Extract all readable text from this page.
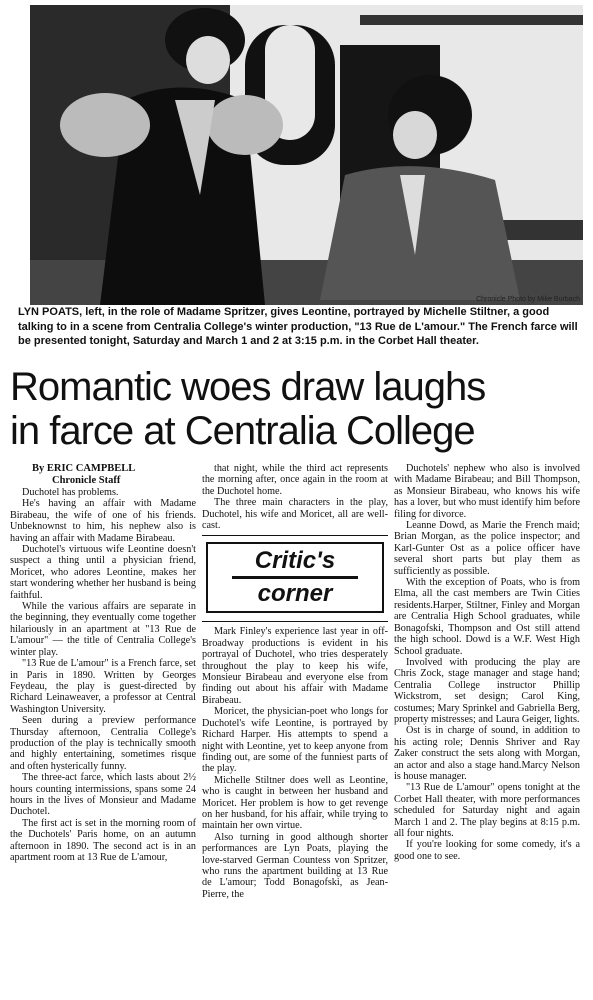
Chronicle Photo by Mike Burbach
LYN POATS, left, in the role of Madame Spritzer, gives Leontine, portrayed by Michelle Stiltner, a good talking to in a scene from Centralia College's winter production, "13 Rue de L'amour." The French farce will be presented tonight, Saturday and March 1 and 2 at 3:15 p.m. in the Corbet Hall theater.
Romantic woes draw laughs
in farce at Centralia College
By ERIC CAMPBELL
Chronicle Staff

Duchotel has problems.

He's having an affair with Madame Birabeau, the wife of one of his friends. Unbeknownst to him, his nephew also is having an affair with Madame Birabeau.

Duchotel's virtuous wife Leontine doesn't suspect a thing until a physician friend, Moricet, who adores Leontine, makes her start wondering whether her husband is being faithful.

While the various affairs are separate in the beginning, they eventually come together hilariously in an apartment at "13 Rue de L'amour" — the title of Centralia College's winter play.

"13 Rue de L'amour" is a French farce, set in Paris in 1890. Written by Georges Feydeau, the play is guest-directed by Richard Leinaweaver, a professor at Central Washington University.

Seen during a preview performance Thursday afternoon, Centralia College's production of the play is technically smooth and highly entertaining, sometimes risque and often hysterically funny.

The three-act farce, which lasts about 2½ hours counting intermissions, spans some 24 hours in the lives of Monsieur and Madame Duchotel.

The first act is set in the morning room of the Duchotels' Paris home, on an autumn afternoon in 1890. The second act is in an apartment room at 13 Rue de L'amour,

that night, while the third act represents the morning after, once again in the room at the Duchotel home.

The three main characters in the play, Duchotel, his wife and Moricet, all are well-cast.

Critic's
corner

Mark Finley's experience last year in off-Broadway productions is evident in his portrayal of Duchotel, who tries desperately throughout the play to keep his wife, Monsieur Birabeau and everyone else from finding out about his affair with Madame Birabeau.

Moricet, the physician-poet who longs for Duchotel's wife Leontine, is portrayed by Richard Harper. His attempts to spend a night with Leontine, yet to keep anyone from finding out, are some of the funniest parts of the play.

Michelle Stiltner does well as Leontine, who is caught in between her husband and Moricet. Her problem is how to get revenge on her husband, for his affair, while trying to maintain her own virtue.

Also turning in good although shorter performances are Lyn Poats, playing the love-starved German Countess von Spritzer, who runs the apartment building at 13 Rue de L'amour; Todd Bonagofski, as Jean-Pierre, the

Duchotels' nephew who also is involved with Madame Birabeau; and Bill Thompson, as Monsieur Birabeau, who knows his wife has a lover, but who must identify him before filing for divorce.

Leanne Dowd, as Marie the French maid; Brian Morgan, as the police inspector; and Karl-Gunter Ost as a police officer have several short parts but play them as sufficiently as possible.

With the exception of Poats, who is from Elma, all the cast members are Twin Cities residents.Harper, Stiltner, Finley and Morgan are Centralia High School graduates, while Bonagofski, Thompson and Ost still attend the high school. Dowd is a W.F. West High School graduate.

Involved with producing the play are Chris Zock, stage manager and stage hand; Centralia College instructor Phillip Wickstrom, set design; Carol King, costumes; Mary Sprinkel and Gabriella Berg, property mistresses; and Laura Geiger, lights.

Ost is in charge of sound, in addition to his acting role; Dennis Shriver and Ray Zaker construct the sets along with Morgan, an actor and also a stage hand.Marcy Nelson is house manager.

"13 Rue de L'amour" opens tonight at the Corbet Hall theater, with more performances scheduled for Saturday night and again March 1 and 2. The play begins at 8:15 p.m. all four nights.

If you're looking for some comedy, it's a good one to see.
